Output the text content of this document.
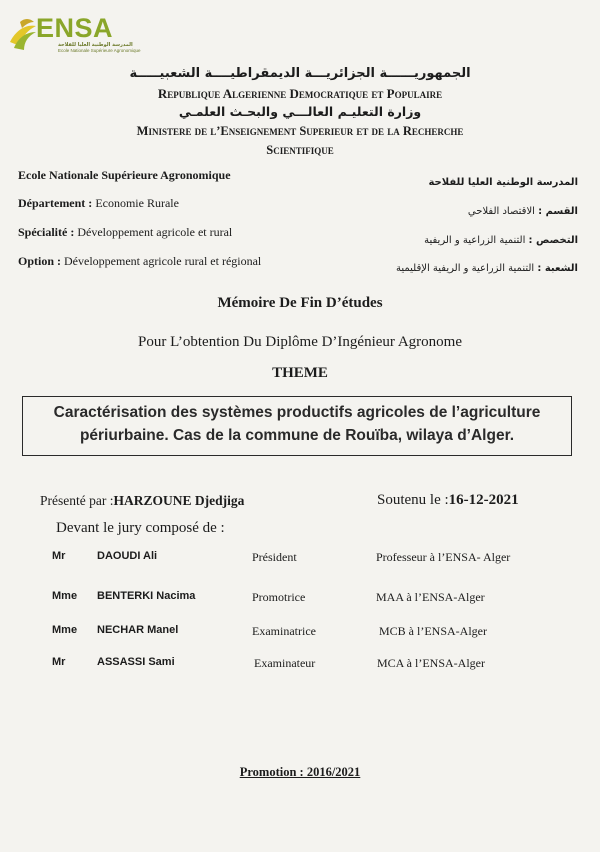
ENSA
المدرسة الوطنية العليا للفلاحة
Ecole Nationale Supérieure Agronomique
الجمهوريــــــة الجزائريـــة الديمقراطيــــة الشعبيـــــة
Republique Algerienne Democratique et Populaire
وزارة التعليـم العالـــي والبحـث العلمـي
Ministere de l’Enseignement Superieur et de la Recherche
Scientifique
Ecole Nationale Supérieure Agronomique
Département : Economie Rurale
Spécialité : Développement agricole et rural
Option : Développement agricole rural et régional
المدرسة الوطنية العليا للفلاحة
القسم : الاقتصاد الفلاحي
التخصص : التنمية الزراعية و الريفية
الشعبة : التنمية الزراعية و الريفية الإقليمية
Mémoire De Fin D’études
Pour L’obtention Du Diplôme D’Ingénieur Agronome
THEME
Caractérisation des systèmes productifs agricoles de l’agriculture
périurbaine. Cas de la commune de Rouïba, wilaya d’Alger.
Présenté par :HARZOUNE Djedjiga	Soutenu le :16-12-2021
Devant le jury composé de :
Mr	DAOUDI Ali	Président	Professeur à l’ENSA- Alger
Mme BENTERKI Nacima	Promotrice	MAA à l’ENSA-Alger
Mme NECHAR Manel	Examinatrice	MCB à l’ENSA-Alger
Mr	ASSASSI Sami	Examinateur	MCA à l’ENSA-Alger
Promotion : 2016/2021
